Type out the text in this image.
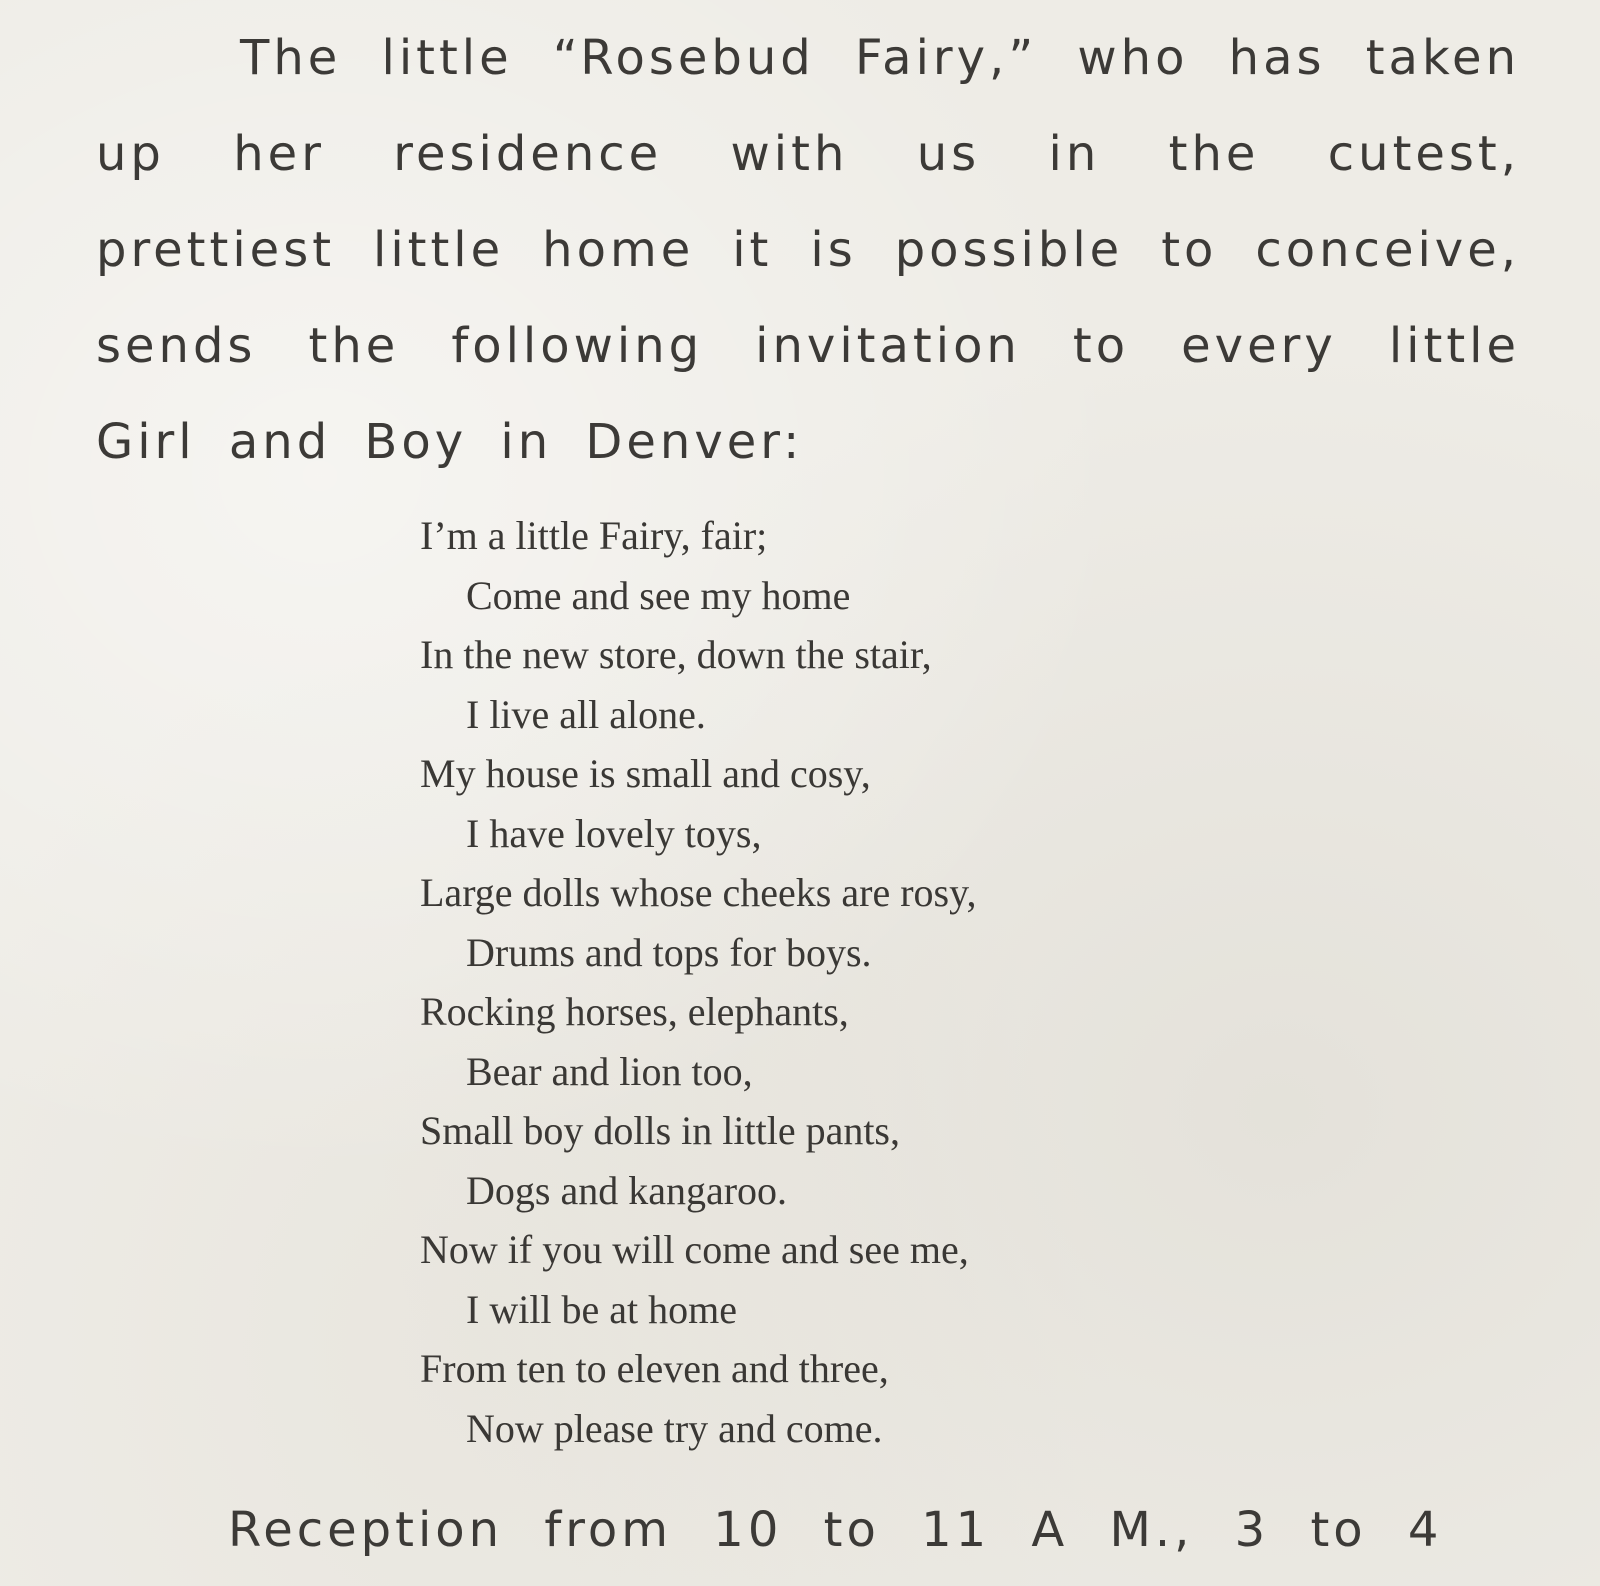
The little “Rosebud Fairy,” who has taken up her residence with us in the cutest, prettiest little home it is possible to conceive, sends the following invitation to every little Girl and Boy in Denver:

I’m a little Fairy, fair;
Come and see my home
In the new store, down the stair,
I live all alone.
My house is small and cosy,
I have lovely toys,
Large dolls whose cheeks are rosy,
Drums and tops for boys.
Rocking horses, elephants,
Bear and lion too,
Small boy dolls in little pants,
Dogs and kangaroo.
Now if you will come and see me,
I will be at home
From ten to eleven and three,
Now please try and come.
Reception from 10 to 11 A M., 3 to 4
